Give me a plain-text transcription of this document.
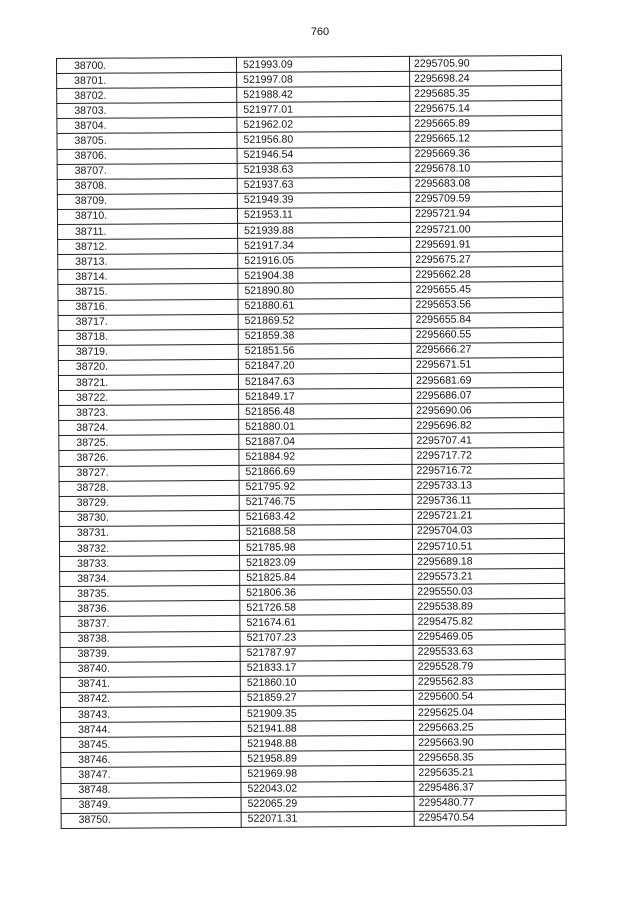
760
38700.	521993.09	2295705.90
38701.	521997.08	2295698.24
38702.	521988.42	2295685.35
38703.	521977.01	2295675.14
38704.	521962.02	2295665.89
38705.	521956.80	2295665.12
38706.	521946.54	2295669.36
38707.	521938.63	2295678.10
38708.	521937.63	2295683.08
38709.	521949.39	2295709.59
38710.	521953.11	2295721.94
38711.	521939.88	2295721.00
38712.	521917.34	2295691.91
38713.	521916.05	2295675.27
38714.	521904.38	2295662.28
38715.	521890.80	2295655.45
38716.	521880.61	2295653.56
38717.	521869.52	2295655.84
38718.	521859.38	2295660.55
38719.	521851.56	2295666.27
38720.	521847.20	2295671.51
38721.	521847.63	2295681.69
38722.	521849.17	2295686.07
38723.	521856.48	2295690.06
38724.	521880.01	2295696.82
38725.	521887.04	2295707.41
38726.	521884.92	2295717.72
38727.	521866.69	2295716.72
38728.	521795.92	2295733.13
38729.	521746.75	2295736.11
38730.	521683.42	2295721.21
38731.	521688.58	2295704.03
38732.	521785.98	2295710.51
38733.	521823.09	2295689.18
38734.	521825.84	2295573.21
38735.	521806.36	2295550.03
38736.	521726.58	2295538.89
38737.	521674.61	2295475.82
38738.	521707.23	2295469.05
38739.	521787.97	2295533.63
38740.	521833.17	2295528.79
38741.	521860.10	2295562.83
38742.	521859.27	2295600.54
38743.	521909.35	2295625.04
38744.	521941.88	2295663.25
38745.	521948.88	2295663.90
38746.	521958.89	2295658.35
38747.	521969.98	2295635.21
38748.	522043.02	2295486.37
38749.	522065.29	2295480.77
38750.	522071.31	2295470.54
